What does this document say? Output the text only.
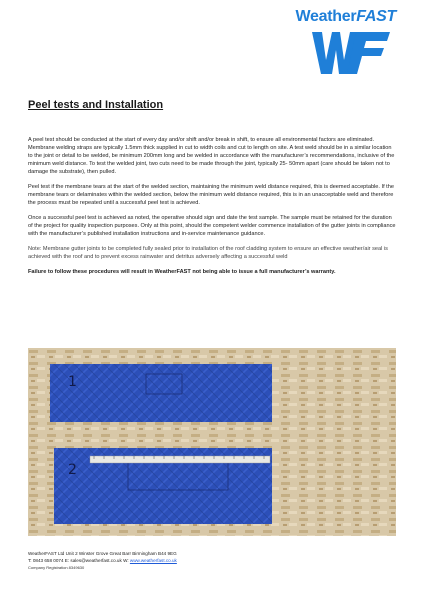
WeatherFAST
Peel tests and Installation

A peel test should be conducted at the start of every day and/or shift and/or break in shift, to ensure all environmental factors are eliminated. Membrane welding straps are typically 1.5mm thick supplied in cut to width coils and cut to length on site. A test weld should be in a similar location to the joint or detail to be welded, be minimum 200mm long and be welded in accordance with the manufacturer’s recommendations, inclusive of the minimum weld distance. To test the welded joint, two cuts need to be made through the joint, typically 25- 50mm apart (care should be taken not to damage the substrate), then pulled.

Peel test if the membrane tears at the start of the welded section, maintaining the minimum weld distance required, this is deemed acceptable. If the membrane tears or delaminates within the welded section, below the minimum weld distance required, this is in an unacceptable weld and therefore the process must be repeated until a successful peel test is achieved.

Once a successful peel test is achieved as noted, the operative should sign and date the test sample. The sample must be retained for the duration of the project for quality inspection purposes. Only at this point, should the competent welder commence installation of the gutter joints in compliance with the manufacturer’s published installation instructions and in-service maintenance guidance.

Note: Membrane gutter joints to be completed fully sealed prior to installation of the roof cladding system to ensure an effective weather/air seal is achieved with the roof and to prevent excess rainwater and detritus adversely affecting a successful weld

Failure to follow these procedures will result in WeatherFAST not being able to issue a full manufacturer’s warranty.

1
2
WeatherFAST Ltd Unit 2 Winster Grove Great Barr Birmingham B44 9EG
T: 0843 658 0074 E: sales@weatherfast.co.uk W: www.weatherfast.co.uk
Company Registration 8349630
